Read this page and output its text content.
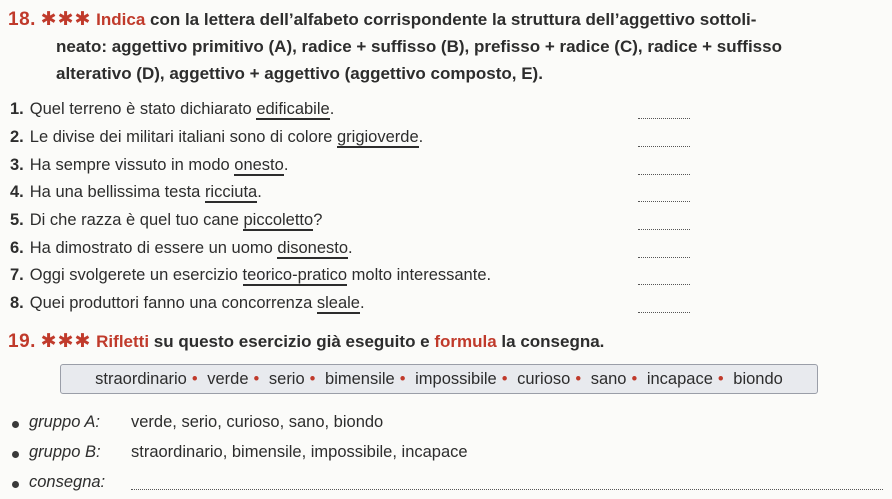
18. ✱✱✱ Indica con la lettera dell’alfabeto corrispondente la struttura dell’aggettivo sottoli-
neato: aggettivo primitivo (A), radice + suffisso (B), prefisso + radice (C), radice + suffisso
alterativo (D), aggettivo + aggettivo (aggettivo composto, E).
1. Quel terreno è stato dichiarato edificabile.
2. Le divise dei militari italiani sono di colore grigioverde.
3. Ha sempre vissuto in modo onesto.
4. Ha una bellissima testa ricciuta.
5. Di che razza è quel tuo cane piccoletto?
6. Ha dimostrato di essere un uomo disonesto.
7. Oggi svolgerete un esercizio teorico-pratico molto interessante.
8. Quei produttori fanno una concorrenza sleale.
19. ✱✱✱ Rifletti su questo esercizio già eseguito e formula la consegna.
straordinario • verde • serio • bimensile • impossibile • curioso • sano • incapace • biondo
gruppo A: verde, serio, curioso, sano, biondo
gruppo B: straordinario, bimensile, impossibile, incapace
consegna:
